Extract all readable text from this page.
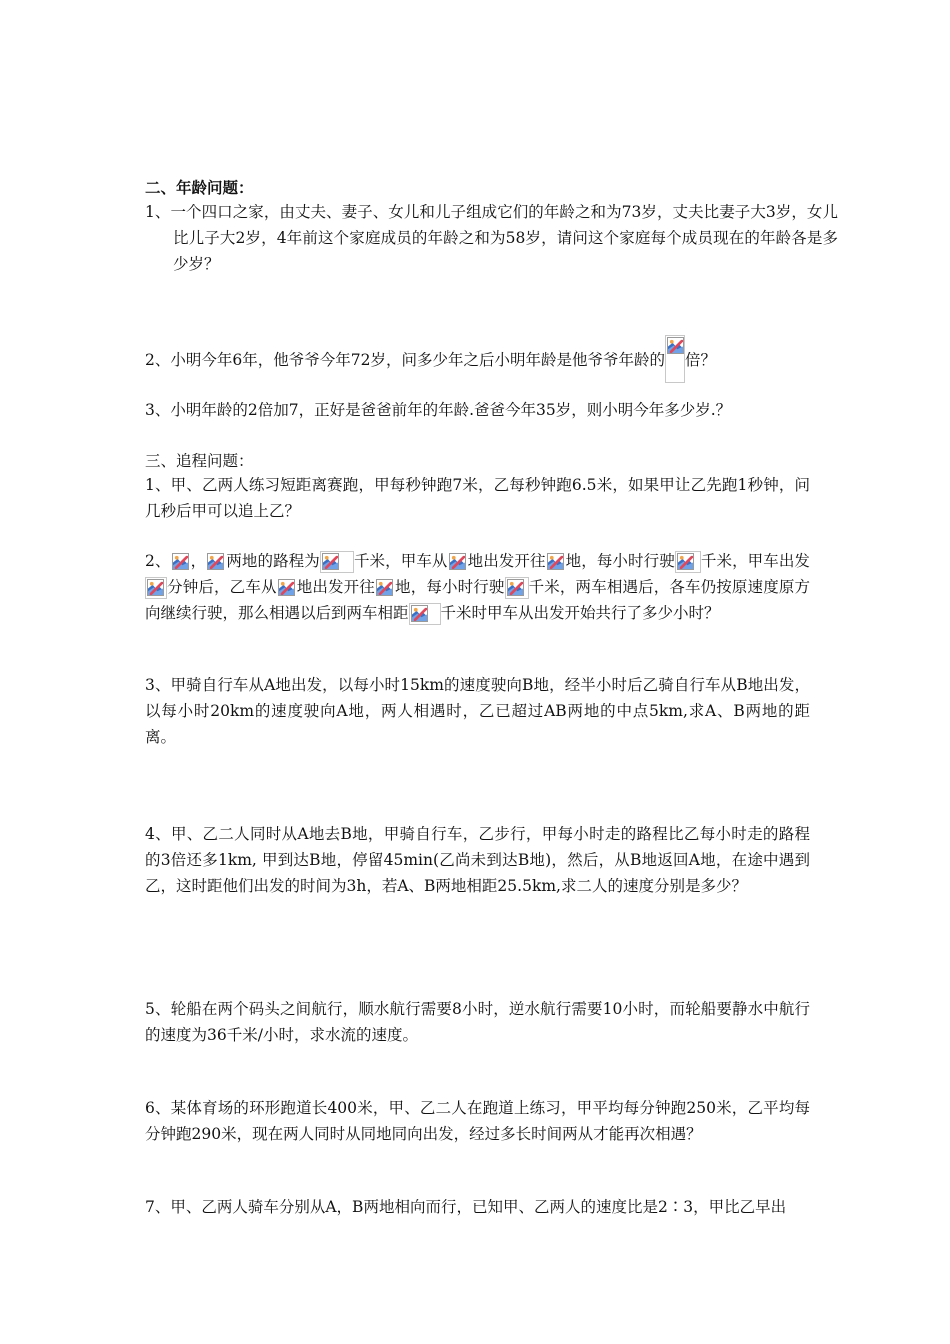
二、年龄问题：
1、一个四口之家，由丈夫、妻子、女儿和儿子组成它们的年龄之和为73岁，丈夫比妻子大3岁，女儿比儿子大2岁，4年前这个家庭成员的年龄之和为58岁，请问这个家庭每个成员现在的年龄各是多少岁？
2、小明今年6年，他爷爷今年72岁，问多少年之后小明年龄是他爷爷年龄的 倍？
3、小明年龄的2倍加7，正好是爸爸前年的年龄.爸爸今年35岁，则小明今年多少岁.？
三、追程问题：
1、甲、乙两人练习短距离赛跑，甲每秒钟跑7米，乙每秒钟跑6.5米，如果甲让乙先跑1秒钟，问几秒后甲可以追上乙？
2、 ， 两地的路程为 千米，甲车从 地出发开往 地，每小时行驶 千米，甲车出发
分钟后，乙车从 地出发开往 地，每小时行驶 千米，两车相遇后，各车仍按原速度原方向继续行驶，那么相遇以后到两车相距 千米时甲车从出发开始共行了多少小时？
3、甲骑自行车从A地出发，以每小时15km的速度驶向B地，经半小时后乙骑自行车从B地出发，以每小时20km的速度驶向A地，两人相遇时，乙已超过AB两地的中点5km,求A、B两地的距离。
4、甲、乙二人同时从A地去B地，甲骑自行车，乙步行，甲每小时走的路程比乙每小时走的路程的3倍还多1km, 甲到达B地，停留45min(乙尚未到达B地)，然后，从B地返回A地，在途中遇到乙，这时距他们出发的时间为3h，若A、B两地相距25.5km,求二人的速度分别是多少？
5、轮船在两个码头之间航行，顺水航行需要8小时，逆水航行需要10小时，而轮船要静水中航行的速度为36千米/小时，求水流的速度。
6、某体育场的环形跑道长400米，甲、乙二人在跑道上练习，甲平均每分钟跑250米，乙平均每分钟跑290米，现在两人同时从同地同向出发，经过多长时间两从才能再次相遇？
7、甲、乙两人骑车分别从A，B两地相向而行，已知甲、乙两人的速度比是2∶3，甲比乙早出
